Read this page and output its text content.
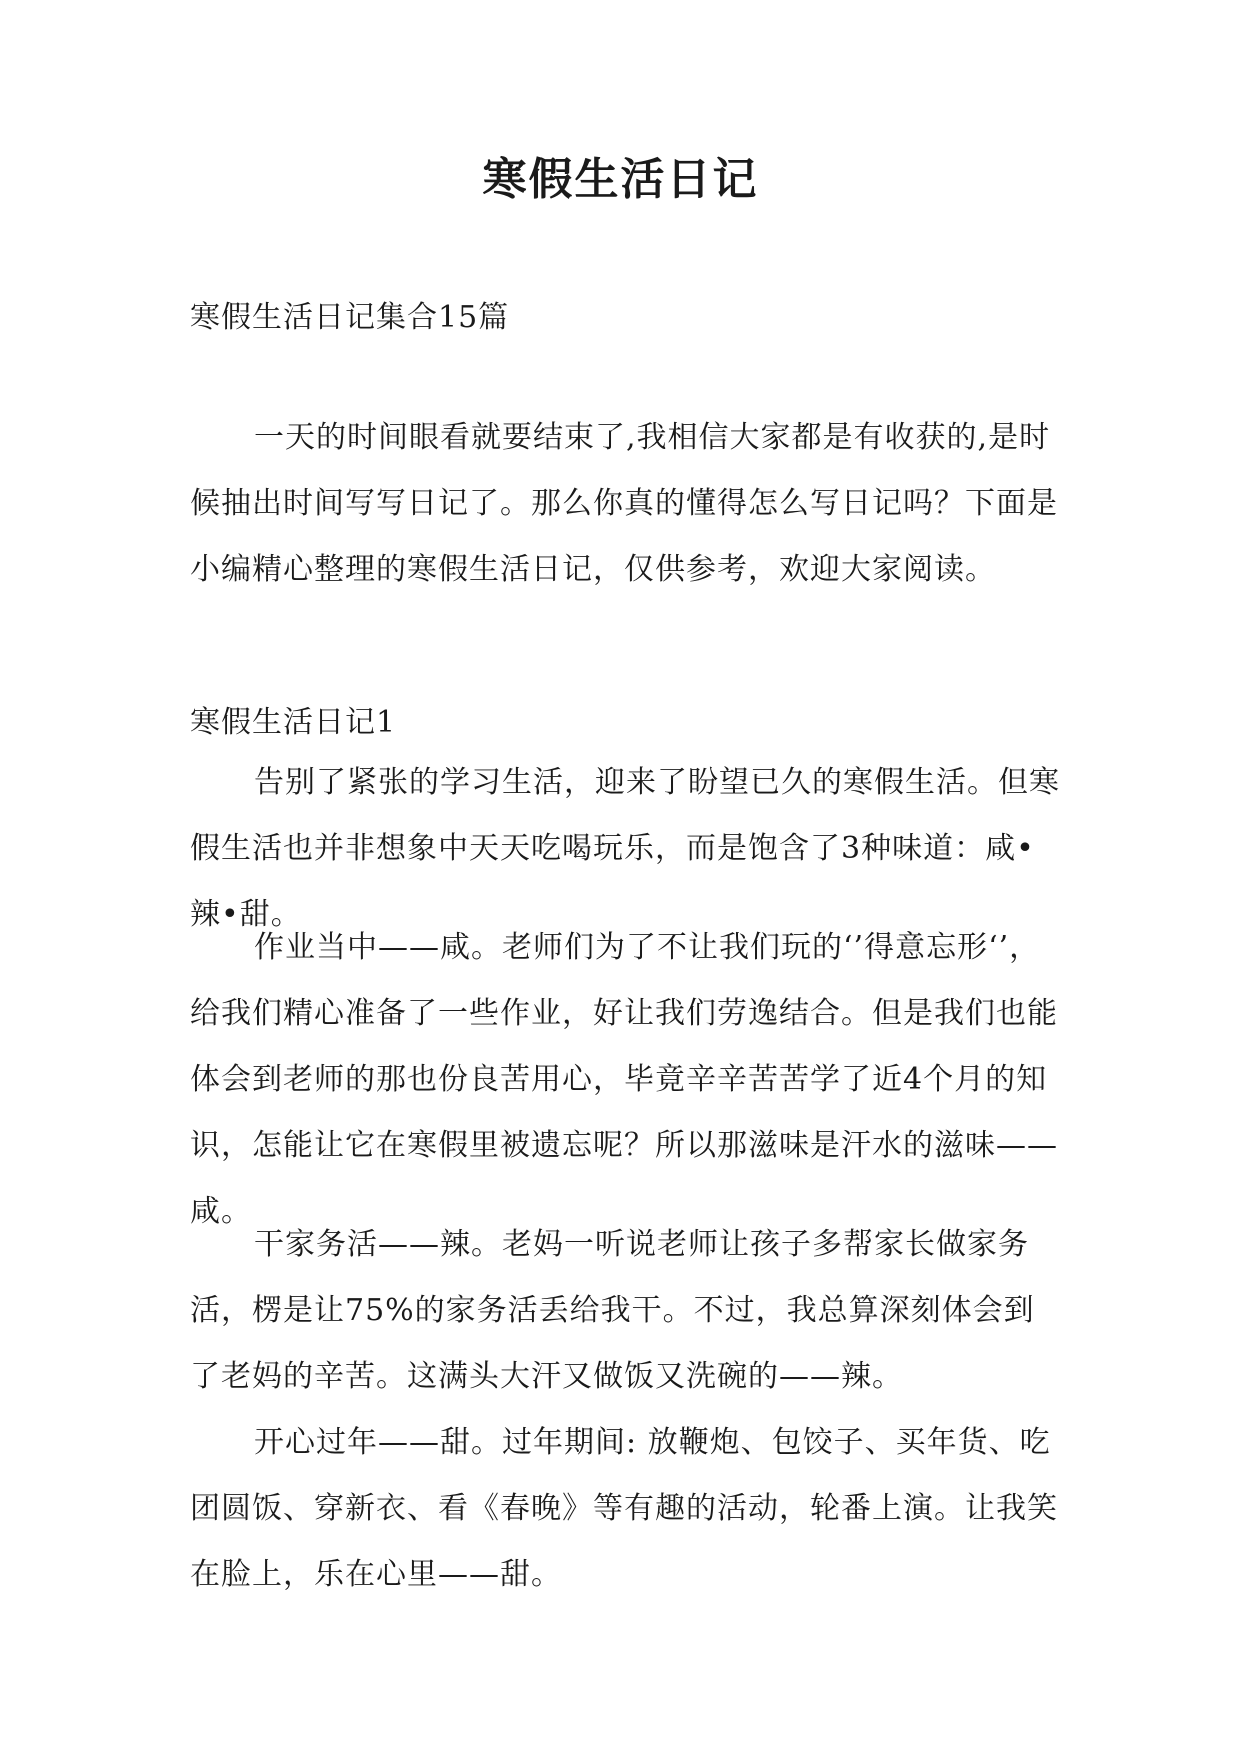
寒假生活日记

寒假生活日记集合15篇

一天的时间眼看就要结束了,我相信大家都是有收获的,是时候抽出时间写写日记了。那么你真的懂得怎么写日记吗？下面是小编精心整理的寒假生活日记，仅供参考，欢迎大家阅读。

寒假生活日记1

告别了紧张的学习生活，迎来了盼望已久的寒假生活。但寒假生活也并非想象中天天吃喝玩乐，而是饱含了3种味道：咸•辣•甜。

作业当中——咸。老师们为了不让我们玩的‘’得意忘形‘’，给我们精心准备了一些作业，好让我们劳逸结合。但是我们也能体会到老师的那也份良苦用心，毕竟辛辛苦苦学了近4个月的知识，怎能让它在寒假里被遗忘呢？所以那滋味是汗水的滋味——咸。

干家务活——辣。老妈一听说老师让孩子多帮家长做家务活，楞是让75%的家务活丢给我干。不过，我总算深刻体会到了老妈的辛苦。这满头大汗又做饭又洗碗的——辣。

开心过年——甜。过年期间: 放鞭炮、包饺子、买年货、吃团圆饭、穿新衣、看《春晚》等有趣的活动，轮番上演。让我笑在脸上，乐在心里——甜。
